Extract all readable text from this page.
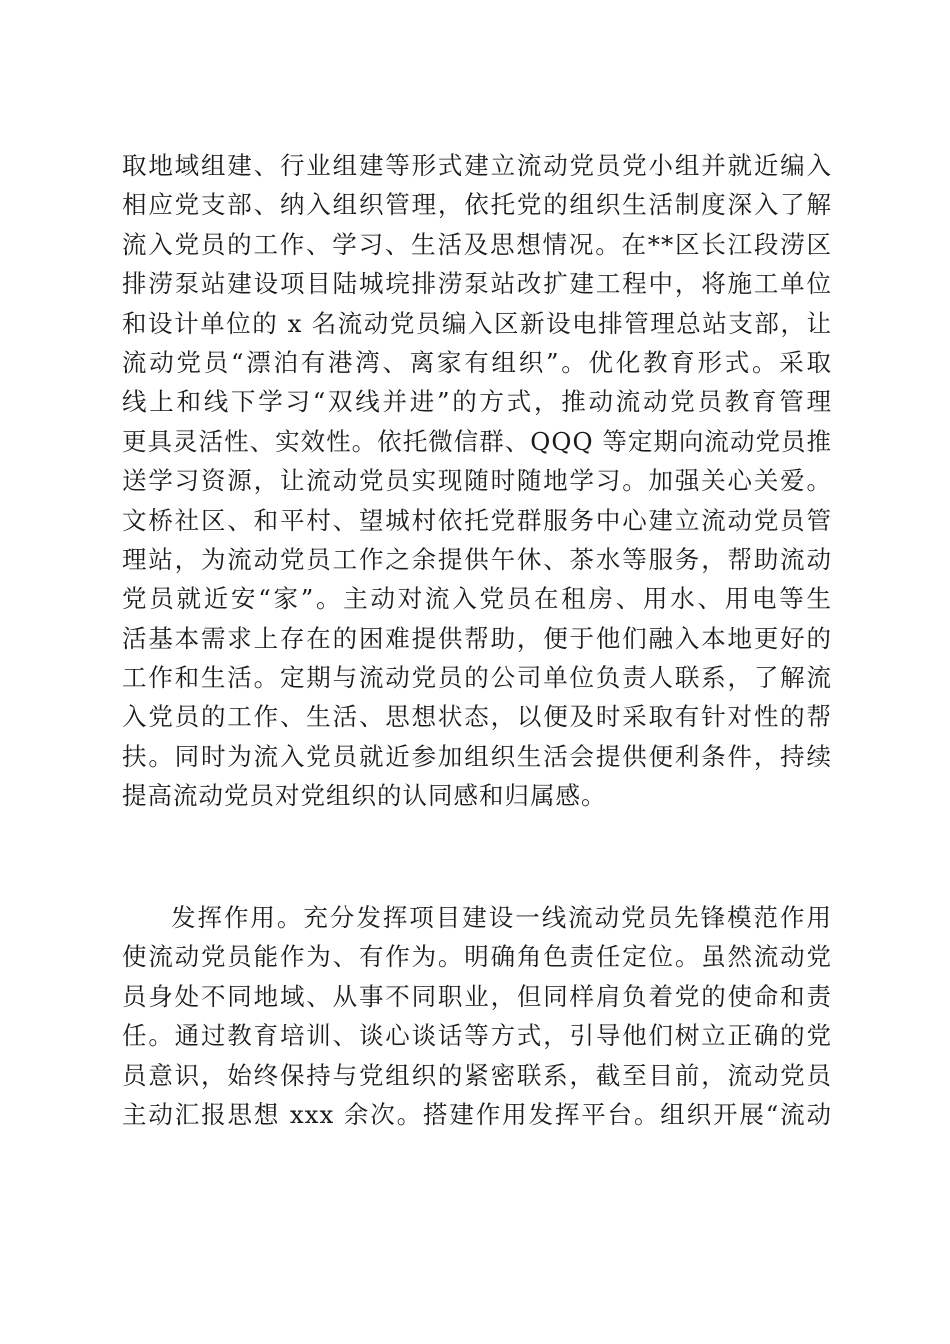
取地域组建、行业组建等形式建立流动党员党小组并就近编入
相应党支部、纳入组织管理，依托党的组织生活制度深入了解
流入党员的工作、学习、生活及思想情况。在**区长江段涝区
排涝泵站建设项目陆城垸排涝泵站改扩建工程中，将施工单位
和设计单位的 x 名流动党员编入区新设电排管理总站支部，让
流动党员“漂泊有港湾、离家有组织”。优化教育形式。采取
线上和线下学习“双线并进”的方式，推动流动党员教育管理
更具灵活性、实效性。依托微信群、QQQ 等定期向流动党员推
送学习资源，让流动党员实现随时随地学习。加强关心关爱。
文桥社区、和平村、望城村依托党群服务中心建立流动党员管
理站，为流动党员工作之余提供午休、茶水等服务，帮助流动
党员就近安“家”。主动对流入党员在租房、用水、用电等生
活基本需求上存在的困难提供帮助，便于他们融入本地更好的
工作和生活。定期与流动党员的公司单位负责人联系，了解流
入党员的工作、生活、思想状态，以便及时采取有针对性的帮
扶。同时为流入党员就近参加组织生活会提供便利条件，持续
提高流动党员对党组织的认同感和归属感。
发挥作用。充分发挥项目建设一线流动党员先锋模范作用
使流动党员能作为、有作为。明确角色责任定位。虽然流动党
员身处不同地域、从事不同职业，但同样肩负着党的使命和责
任。通过教育培训、谈心谈话等方式，引导他们树立正确的党
员意识，始终保持与党组织的紧密联系，截至目前，流动党员
主动汇报思想 xxx 余次。搭建作用发挥平台。组织开展“流动
